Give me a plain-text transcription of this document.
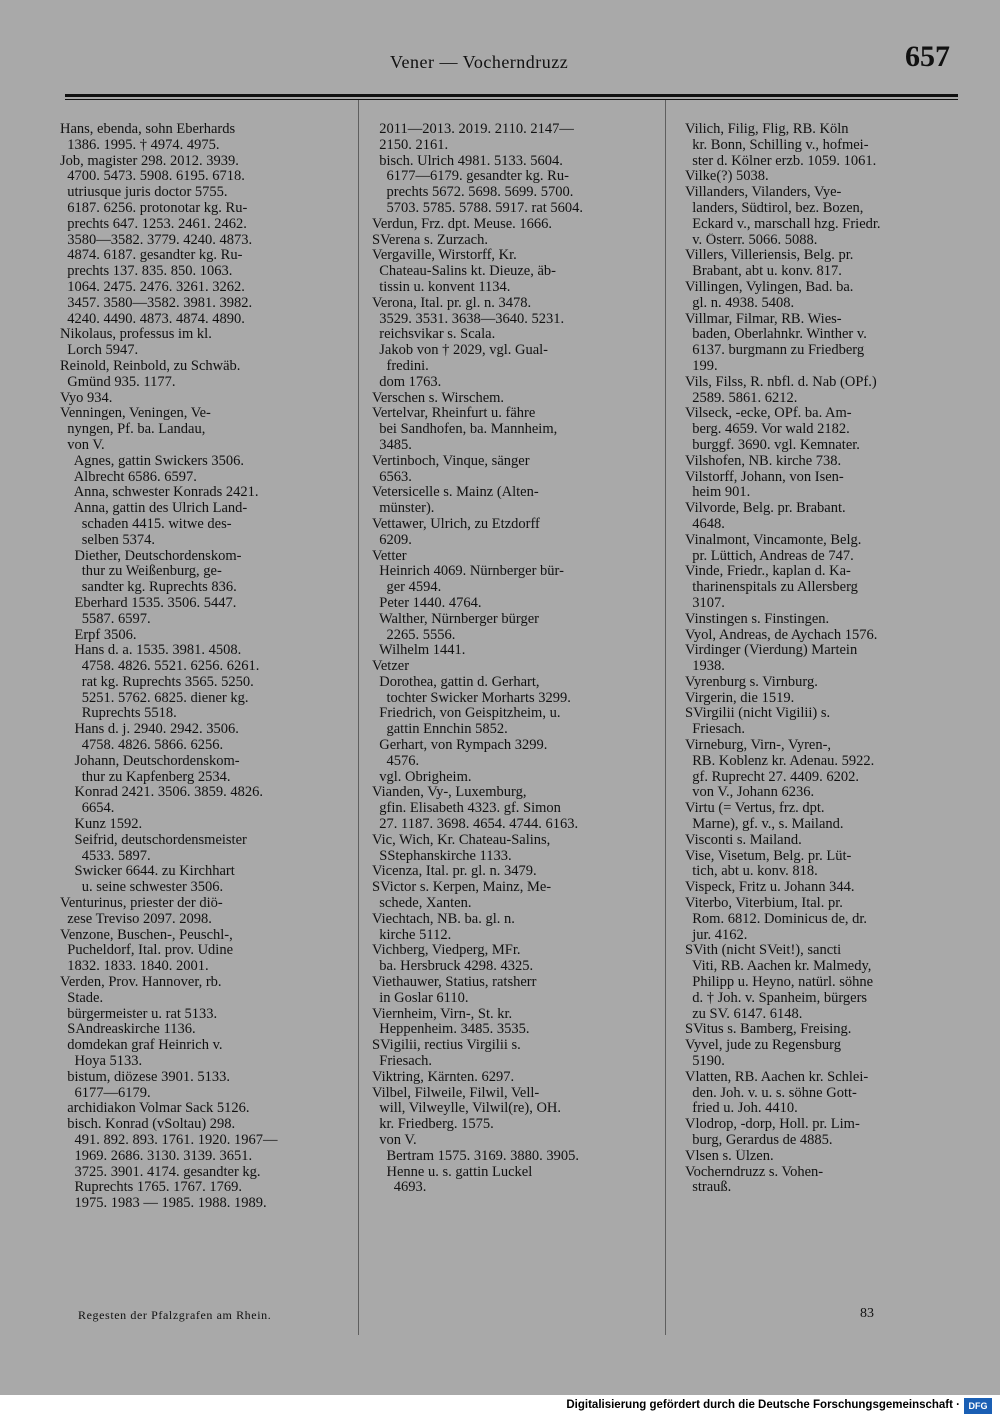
Vener — Vocherndruzz	657
Hans, ebenda, sohn Eberhards
1386. 1995. † 4974. 4975.
Job, magister 298. 2012. 3939.
4700. 5473. 5908. 6195. 6718.
utriusque juris doctor 5755.
6187. 6256. protonotar kg. Ru-
prechts 647. 1253. 2461. 2462.
3580—3582. 3779. 4240. 4873.
4874. 6187. gesandter kg. Ru-
prechts 137. 835. 850. 1063.
1064. 2475. 2476. 3261. 3262.
3457. 3580—3582. 3981. 3982.
4240. 4490. 4873. 4874. 4890.
Nikolaus, professus im kl.
Lorch 5947.
Reinold, Reinbold, zu Schwäb.
Gmünd 935. 1177.
Vyo 934.
Venningen, Veningen, Ve-
nyngen, Pf. ba. Landau,
von V.
Agnes, gattin Swickers 3506.
Albrecht 6586. 6597.
Anna, schwester Konrads 2421.
Anna, gattin des Ulrich Land-
schaden 4415. witwe des-
selben 5374.
Diether, Deutschordenskom-
thur zu Weißenburg, ge-
sandter kg. Ruprechts 836.
Eberhard 1535. 3506. 5447.
5587. 6597.
Erpf 3506.
Hans d. a. 1535. 3981. 4508.
4758. 4826. 5521. 6256. 6261.
rat kg. Ruprechts 3565. 5250.
5251. 5762. 6825. diener kg.
Ruprechts 5518.
Hans d. j. 2940. 2942. 3506.
4758. 4826. 5866. 6256.
Johann, Deutschordenskom-
thur zu Kapfenberg 2534.
Konrad 2421. 3506. 3859. 4826.
6654.
Kunz 1592.
Seifrid, deutschordensmeister
4533. 5897.
Swicker 6644. zu Kirchhart
u. seine schwester 3506.
Venturinus, priester der diö-
zese Treviso 2097. 2098.
Venzone, Buschen-, Peuschl-,
Pucheldorf, Ital. prov. Udine
1832. 1833. 1840. 2001.
Verden, Prov. Hannover, rb.
Stade.
bürgermeister u. rat 5133.
SAndreaskirche 1136.
domdekan graf Heinrich v.
Hoya 5133.
bistum, diözese 3901. 5133.
6177—6179.
archidiakon Volmar Sack 5126.
bisch. Konrad (vSoltau) 298.
491. 892. 893. 1761. 1920. 1967—
1969. 2686. 3130. 3139. 3651.
3725. 3901. 4174. gesandter kg.
Ruprechts 1765. 1767. 1769.
1975. 1983 — 1985. 1988. 1989.
2011—2013. 2019. 2110. 2147—
2150. 2161.
bisch. Ulrich 4981. 5133. 5604.
6177—6179. gesandter kg. Ru-
prechts 5672. 5698. 5699. 5700.
5703. 5785. 5788. 5917. rat 5604.
Verdun, Frz. dpt. Meuse. 1666.
SVerena s. Zurzach.
Vergaville, Wirstorff, Kr.
Chateau-Salins kt. Dieuze, äb-
tissin u. konvent 1134.
Verona, Ital. pr. gl. n. 3478.
3529. 3531. 3638—3640. 5231.
reichsvikar s. Scala.
Jakob von † 2029, vgl. Gual-
fredini.
dom 1763.
Verschen s. Wirschem.
Vertelvar, Rheinfurt u. fähre
bei Sandhofen, ba. Mannheim,
3485.
Vertinboch, Vinque, sänger
6563.
Vetersicelle s. Mainz (Alten-
münster).
Vettawer, Ulrich, zu Etzdorff
6209.
Vetter
Heinrich 4069. Nürnberger bür-
ger 4594.
Peter 1440. 4764.
Walther, Nürnberger bürger
2265. 5556.
Wilhelm 1441.
Vetzer
Dorothea, gattin d. Gerhart,
tochter Swicker Morharts 3299.
Friedrich, von Geispitzheim, u.
gattin Ennchin 5852.
Gerhart, von Rympach 3299.
4576.
vgl. Obrigheim.
Vianden, Vy-, Luxemburg,
gfin. Elisabeth 4323. gf. Simon
27. 1187. 3698. 4654. 4744. 6163.
Vic, Wich, Kr. Chateau-Salins,
SStephanskirche 1133.
Vicenza, Ital. pr. gl. n. 3479.
SVictor s. Kerpen, Mainz, Me-
schede, Xanten.
Viechtach, NB. ba. gl. n.
kirche 5112.
Vichberg, Viedperg, MFr.
ba. Hersbruck 4298. 4325.
Viethauwer, Statius, ratsherr
in Goslar 6110.
Viernheim, Virn-, St. kr.
Heppenheim. 3485. 3535.
SVigilii, rectius Virgilii s.
Friesach.
Viktring, Kärnten. 6297.
Vilbel, Filweile, Filwil, Vell-
will, Vilweylle, Vilwil(re), OH.
kr. Friedberg. 1575.
von V.
Bertram 1575. 3169. 3880. 3905.
Henne u. s. gattin Luckel
4693.
Vilich, Filig, Flig, RB. Köln
kr. Bonn, Schilling v., hofmei-
ster d. Kölner erzb. 1059. 1061.
Vilke(?) 5038.
Villanders, Vilanders, Vye-
landers, Südtirol, bez. Bozen,
Eckard v., marschall hzg. Friedr.
v. Österr. 5066. 5088.
Villers, Villeriensis, Belg. pr.
Brabant, abt u. konv. 817.
Villingen, Vylingen, Bad. ba.
gl. n. 4938. 5408.
Villmar, Filmar, RB. Wies-
baden, Oberlahnkr. Winther v.
6137. burgmann zu Friedberg
199.
Vils, Filss, R. nbfl. d. Nab (OPf.)
2589. 5861. 6212.
Vilseck, -ecke, OPf. ba. Am-
berg. 4659. Vor wald 2182.
burggf. 3690. vgl. Kemnater.
Vilshofen, NB. kirche 738.
Vilstorff, Johann, von Isen-
heim 901.
Vilvorde, Belg. pr. Brabant.
4648.
Vinalmont, Vincamonte, Belg.
pr. Lüttich, Andreas de 747.
Vinde, Friedr., kaplan d. Ka-
tharinenspitals zu Allersberg
3107.
Vinstingen s. Finstingen.
Vyol, Andreas, de Aychach 1576.
Virdinger (Vierdung) Martein
1938.
Vyrenburg s. Virnburg.
Virgerin, die 1519.
SVirgilii (nicht Vigilii) s.
Friesach.
Virneburg, Virn-, Vyren-,
RB. Koblenz kr. Adenau. 5922.
gf. Ruprecht 27. 4409. 6202.
von V., Johann 6236.
Virtu (= Vertus, frz. dpt.
Marne), gf. v., s. Mailand.
Visconti s. Mailand.
Vise, Visetum, Belg. pr. Lüt-
tich, abt u. konv. 818.
Vispeck, Fritz u. Johann 344.
Viterbo, Viterbium, Ital. pr.
Rom. 6812. Dominicus de, dr.
jur. 4162.
SVith (nicht SVeit!), sancti
Viti, RB. Aachen kr. Malmedy,
Philipp u. Heyno, natürl. söhne
d. † Joh. v. Spanheim, bürgers
zu SV. 6147. 6148.
SVitus s. Bamberg, Freising.
Vyvel, jude zu Regensburg
5190.
Vlatten, RB. Aachen kr. Schlei-
den. Joh. v. u. s. söhne Gott-
fried u. Joh. 4410.
Vlodrop, -dorp, Holl. pr. Lim-
burg, Gerardus de 4885.
Vlsen s. Ülzen.
Vocherndruzz s. Vohen-
strauß.
Regesten der Pfalzgrafen am Rhein.	83
Digitalisierung gefördert durch die Deutsche Forschungsgemeinschaft · DFG
